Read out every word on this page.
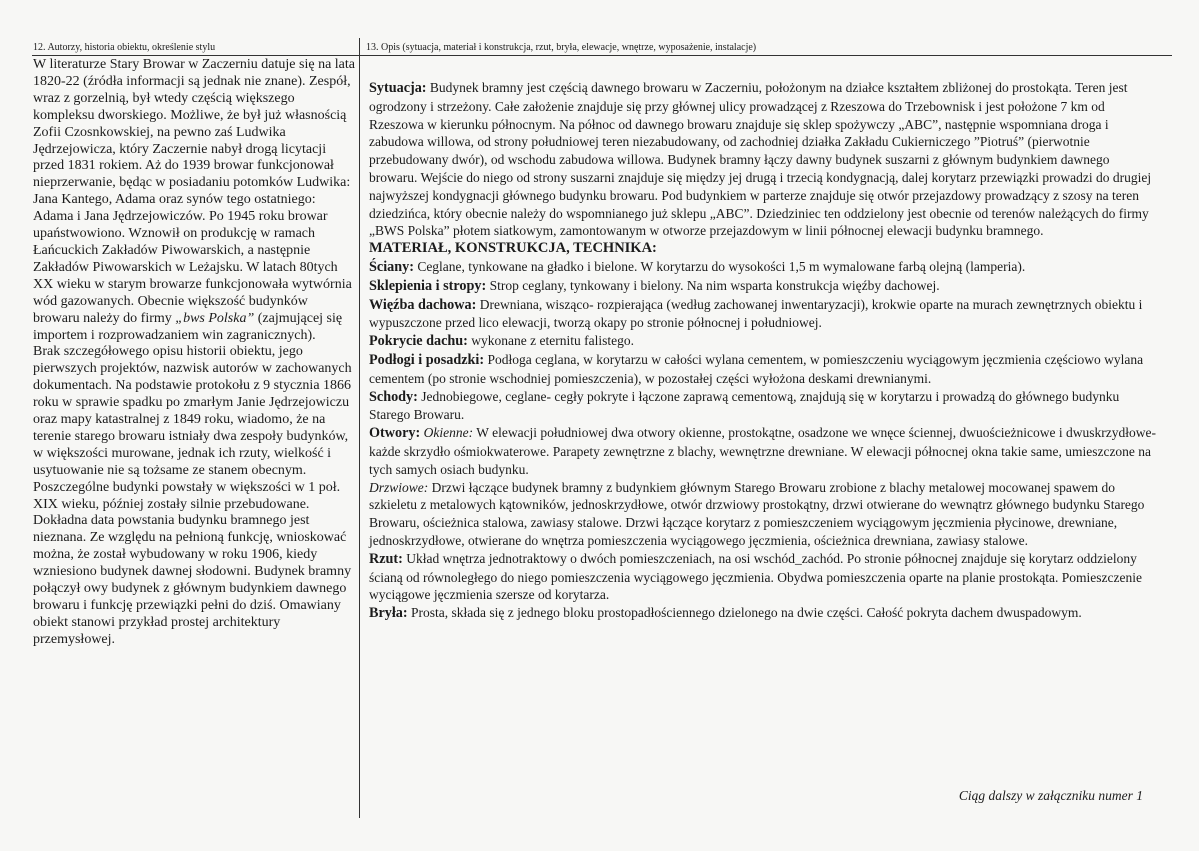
12. Autorzy, historia obiektu, określenie stylu	13. Opis (sytuacja, materiał i konstrukcja, rzut, bryła, elewacje, wnętrze, wyposażenie, instalacje)

W literaturze Stary Browar w Zaczerniu datuje się na lata 1820-22 (źródła informacji są jednak nie znane). Zespół, wraz z gorzelnią, był wtedy częścią większego kompleksu dworskiego. Możliwe, że był już własnością Zofii Czosnkowskiej, na pewno zaś Ludwika Jędrzejowicza, który Zaczernie nabył drogą licytacji przed 1831 rokiem. Aż do 1939 browar funkcjonował nieprzerwanie, będąc w posiadaniu potomków Ludwika: Jana Kantego, Adama oraz synów tego ostatniego: Adama i Jana Jędrzejowiczów. Po 1945 roku browar upaństwowiono. Wznowił on produkcję w ramach Łańcuckich Zakładów Piwowarskich, a następnie Zakładów Piwowarskich w Leżajsku. W latach 80tych XX wieku w starym browarze funkcjonowała wytwórnia wód gazowanych. Obecnie większość budynków browaru należy do firmy „bws Polska” (zajmującej się importem i rozprowadzaniem win zagranicznych).

Brak szczegółowego opisu historii obiektu, jego pierwszych projektów, nazwisk autorów w zachowanych dokumentach. Na podstawie protokołu z 9 stycznia 1866 roku w sprawie spadku po zmarłym Janie Jędrzejowiczu oraz mapy katastralnej z 1849 roku, wiadomo, że na terenie starego browaru istniały dwa zespoły budynków, w większości murowane, jednak ich rzuty, wielkość i usytuowanie nie są tożsame ze stanem obecnym. Poszczególne budynki powstały w większości w 1 poł. XIX wieku, później zostały silnie przebudowane.

Dokładna data powstania budynku bramnego jest nieznana. Ze względu na pełnioną funkcję, wnioskować można, że został wybudowany w roku 1906, kiedy wzniesiono budynek dawnej słodowni. Budynek bramny połączył owy budynek z głównym budynkiem dawnego browaru i funkcję przewiązki pełni do dziś. Omawiany obiekt stanowi przykład prostej architektury przemysłowej.

Sytuacja: Budynek bramny jest częścią dawnego browaru w Zaczerniu, położonym na działce kształtem zbliżonej do prostokąta. Teren jest ogrodzony i strzeżony. Całe założenie znajduje się przy głównej ulicy prowadzącej z Rzeszowa do Trzebownisk i jest położone 7 km od Rzeszowa w kierunku północnym. Na północ od dawnego browaru znajduje się sklep spożywczy „ABC”, następnie wspomniana droga i zabudowa willowa, od strony południowej teren niezabudowany, od zachodniej działka Zakładu Cukierniczego ”Piotruś” (pierwotnie przebudowany dwór), od wschodu zabudowa willowa. Budynek bramny łączy dawny budynek suszarni z głównym budynkiem dawnego browaru. Wejście do niego od strony suszarni znajduje się między jej drugą i trzecią kondygnacją, dalej korytarz przewiązki prowadzi do drugiej najwyższej kondygnacji głównego budynku browaru. Pod budynkiem w parterze znajduje się otwór przejazdowy prowadzący z szosy na teren dziedzińca, który obecnie należy do wspomnianego już sklepu „ABC”. Dziedziniec ten oddzielony jest obecnie od terenów należących do firmy „BWS Polska” płotem siatkowym, zamontowanym w otworze przejazdowym w linii północnej elewacji budynku bramnego.

MATERIAŁ, KONSTRUKCJA, TECHNIKA:

Ściany: Ceglane, tynkowane na gładko i bielone. W korytarzu do wysokości 1,5 m wymalowane farbą olejną (lamperia).

Sklepienia i stropy: Strop ceglany, tynkowany i bielony. Na nim wsparta konstrukcja więźby dachowej.

Więźba dachowa: Drewniana, wiszącо- rozpierająca (według zachowanej inwentaryzacji), krokwie oparte na murach zewnętrznych obiektu i wypuszczone przed lico elewacji, tworzą okapy po stronie północnej i południowej.

Pokrycie dachu: wykonane z eternitu falistego.

Podłogi i posadzki: Podłoga ceglana, w korytarzu w całości wylana cementem, w pomieszczeniu wyciągowym jęczmienia częściowo wylana cementem (po stronie wschodniej pomieszczenia), w pozostałej części wyłożona deskami drewnianymi.

Schody: Jednobiegowe, ceglane- cegły pokryte i łączone zaprawą cementową, znajdują się w korytarzu i prowadzą do głównego budynku Starego Browaru.

Otwory: Okienne: W elewacji południowej dwa otwory okienne, prostokątne, osadzone we wnęce ściennej, dwuościeżnicowe i dwuskrzydłowe-każde skrzydło ośmiokwaterowe. Parapety zewnętrzne z blachy, wewnętrzne drewniane. W elewacji północnej okna takie same, umieszczone na tych samych osiach budynku.

Drzwiowe: Drzwi łączące budynek bramny z budynkiem głównym Starego Browaru zrobione z blachy metalowej mocowanej spawem do szkieletu z metalowych kątowników, jednoskrzydłowe, otwór drzwiowy prostokątny, drzwi otwierane do wewnątrz głównego budynku Starego Browaru, ościeżnica stalowa, zawiasy stalowe. Drzwi łączące korytarz z pomieszczeniem wyciągowym jęczmienia płycinowe, drewniane, jednoskrzydłowe, otwierane do wnętrza pomieszczenia wyciągowego jęczmienia, ościeżnica drewniana, zawiasy stalowe.

Rzut: Układ wnętrza jednotraktowy o dwóch pomieszczeniach, na osi wschód_zachód. Po stronie północnej znajduje się korytarz oddzielony ścianą od równoległego do niego pomieszczenia wyciągowego jęczmienia. Obydwa pomieszczenia oparte na planie prostokąta. Pomieszczenie wyciągowe jęczmienia szersze od korytarza.

Bryła: Prosta, składa się z jednego bloku prostopadłościennego dzielonego na dwie części. Całość pokryta dachem dwuspadowym.

Ciąg dalszy w załączniku numer 1
